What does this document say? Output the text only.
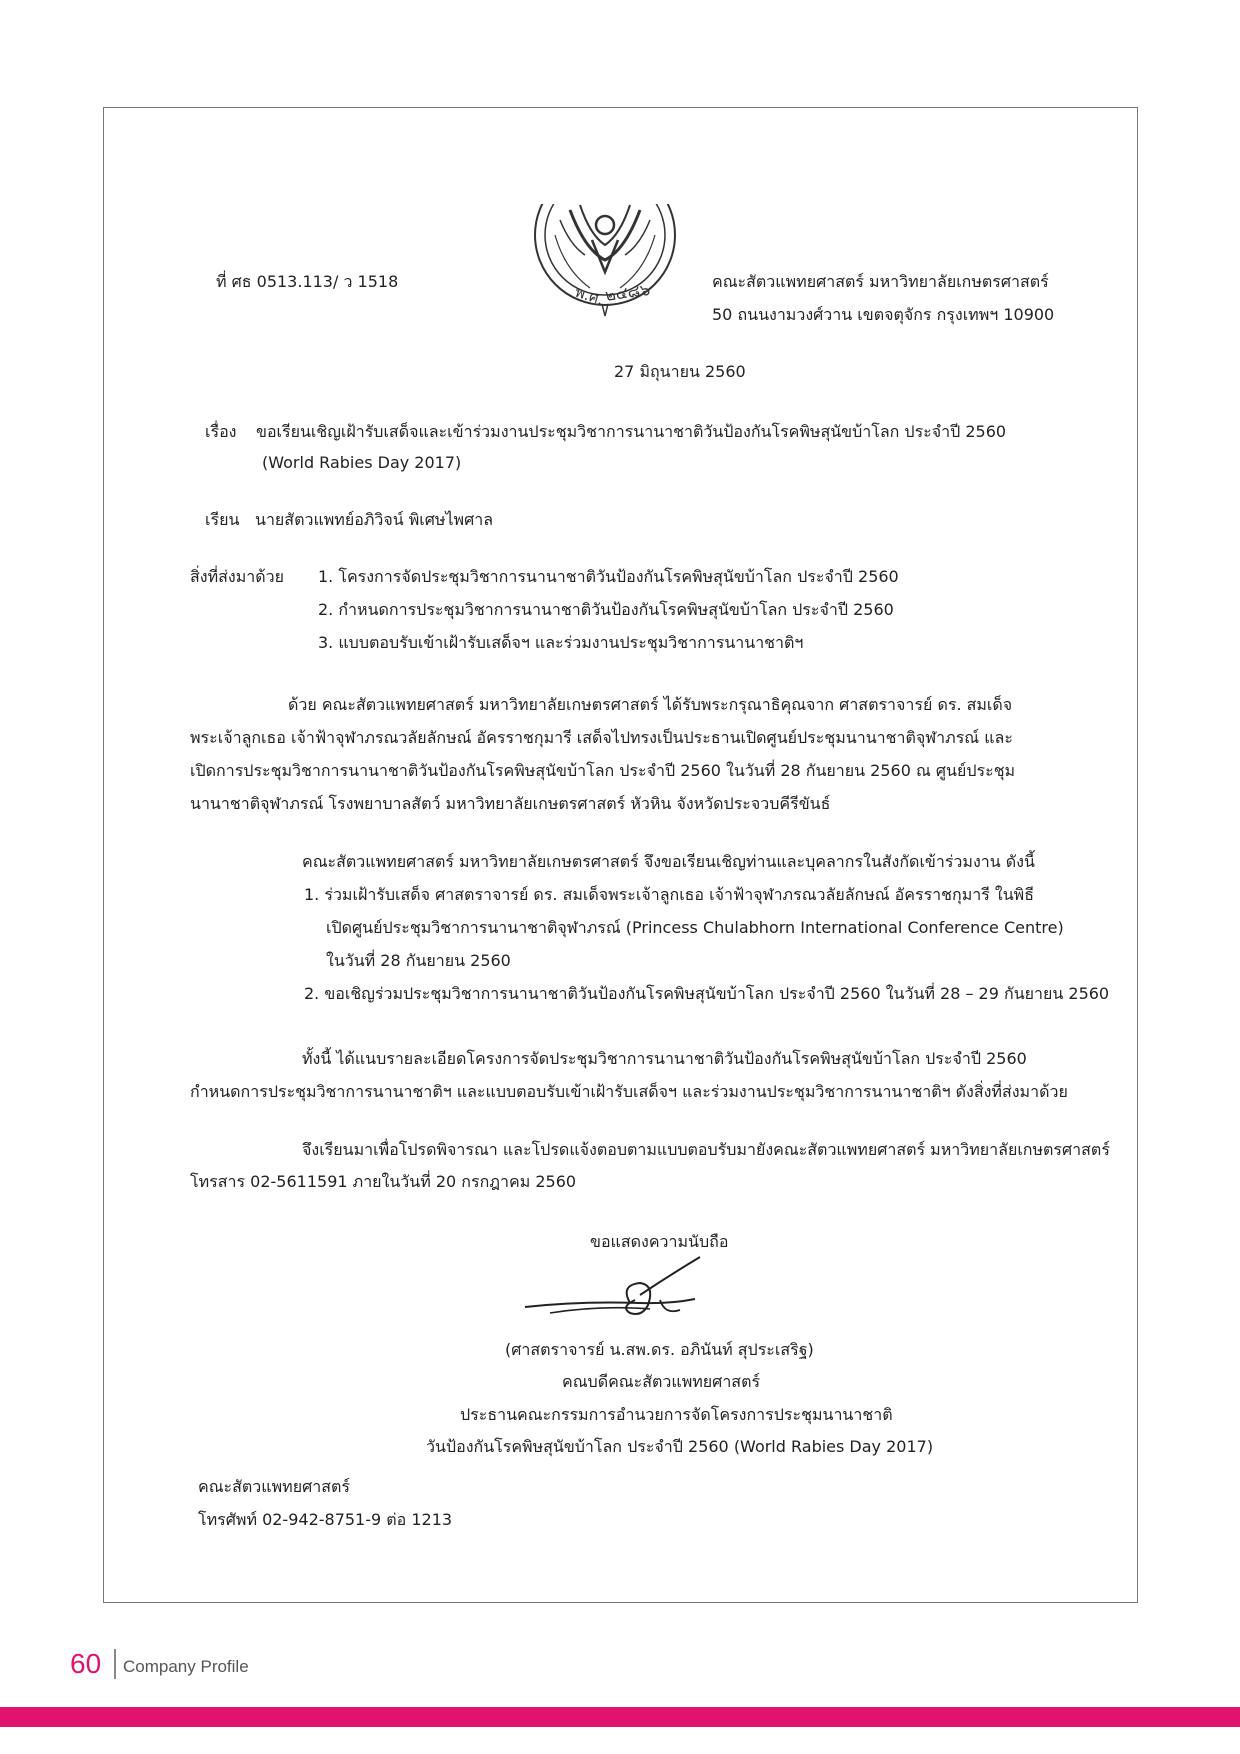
พ.ศ.
๒๔๘๖
ที่ ศธ 0513.113/ ว 1518	คณะสัตวแพทยศาสตร์ มหาวิทยาลัยเกษตรศาสตร์
50 ถนนงามวงศ์วาน เขตจตุจักร กรุงเทพฯ 10900
27 มิถุนายน 2560
เรื่อง ขอเรียนเชิญเฝ้ารับเสด็จและเข้าร่วมงานประชุมวิชาการนานาชาติวันป้องกันโรคพิษสุนัขบ้าโลก ประจำปี 2560
(World Rabies Day 2017)
เรียน นายสัตวแพทย์อภิวิจน์ พิเศษไพศาล
สิ่งที่ส่งมาด้วย 1. โครงการจัดประชุมวิชาการนานาชาติวันป้องกันโรคพิษสุนัขบ้าโลก ประจำปี 2560
2. กำหนดการประชุมวิชาการนานาชาติวันป้องกันโรคพิษสุนัขบ้าโลก ประจำปี 2560
3. แบบตอบรับเข้าเฝ้ารับเสด็จฯ และร่วมงานประชุมวิชาการนานาชาติฯ
ด้วย คณะสัตวแพทยศาสตร์ มหาวิทยาลัยเกษตรศาสตร์ ได้รับพระกรุณาธิคุณจาก ศาสตราจารย์ ดร. สมเด็จ
พระเจ้าลูกเธอ เจ้าฟ้าจุฬาภรณวลัยลักษณ์ อัครราชกุมารี เสด็จไปทรงเป็นประธานเปิดศูนย์ประชุมนานาชาติจุฬาภรณ์ และ
เปิดการประชุมวิชาการนานาชาติวันป้องกันโรคพิษสุนัขบ้าโลก ประจำปี 2560 ในวันที่ 28 กันยายน 2560 ณ ศูนย์ประชุม
นานาชาติจุฬาภรณ์ โรงพยาบาลสัตว์ มหาวิทยาลัยเกษตรศาสตร์ หัวหิน จังหวัดประจวบคีรีขันธ์
คณะสัตวแพทยศาสตร์ มหาวิทยาลัยเกษตรศาสตร์ จึงขอเรียนเชิญท่านและบุคลากรในสังกัดเข้าร่วมงาน ดังนี้
1. ร่วมเฝ้ารับเสด็จ ศาสตราจารย์ ดร. สมเด็จพระเจ้าลูกเธอ เจ้าฟ้าจุฬาภรณวลัยลักษณ์ อัครราชกุมารี ในพิธี
เปิดศูนย์ประชุมวิชาการนานาชาติจุฬาภรณ์ (Princess Chulabhorn International Conference Centre)
ในวันที่ 28 กันยายน 2560
2. ขอเชิญร่วมประชุมวิชาการนานาชาติวันป้องกันโรคพิษสุนัขบ้าโลก ประจำปี 2560 ในวันที่ 28 – 29 กันยายน 2560
ทั้งนี้ ได้แนบรายละเอียดโครงการจัดประชุมวิชาการนานาชาติวันป้องกันโรคพิษสุนัขบ้าโลก ประจำปี 2560
กำหนดการประชุมวิชาการนานาชาติฯ และแบบตอบรับเข้าเฝ้ารับเสด็จฯ และร่วมงานประชุมวิชาการนานาชาติฯ ดังสิ่งที่ส่งมาด้วย
จึงเรียนมาเพื่อโปรดพิจารณา และโปรดแจ้งตอบตามแบบตอบรับมายังคณะสัตวแพทยศาสตร์ มหาวิทยาลัยเกษตรศาสตร์
โทรสาร 02-5611591 ภายในวันที่ 20 กรกฎาคม 2560
ขอแสดงความนับถือ
(ศาสตราจารย์ น.สพ.ดร. อภินันท์ สุประเสริฐ)
คณบดีคณะสัตวแพทยศาสตร์
ประธานคณะกรรมการอำนวยการจัดโครงการประชุมนานาชาติ
วันป้องกันโรคพิษสุนัขบ้าโลก ประจำปี 2560 (World Rabies Day 2017)
คณะสัตวแพทยศาสตร์
โทรศัพท์ 02-942-8751-9 ต่อ 1213
60 Company Profile
